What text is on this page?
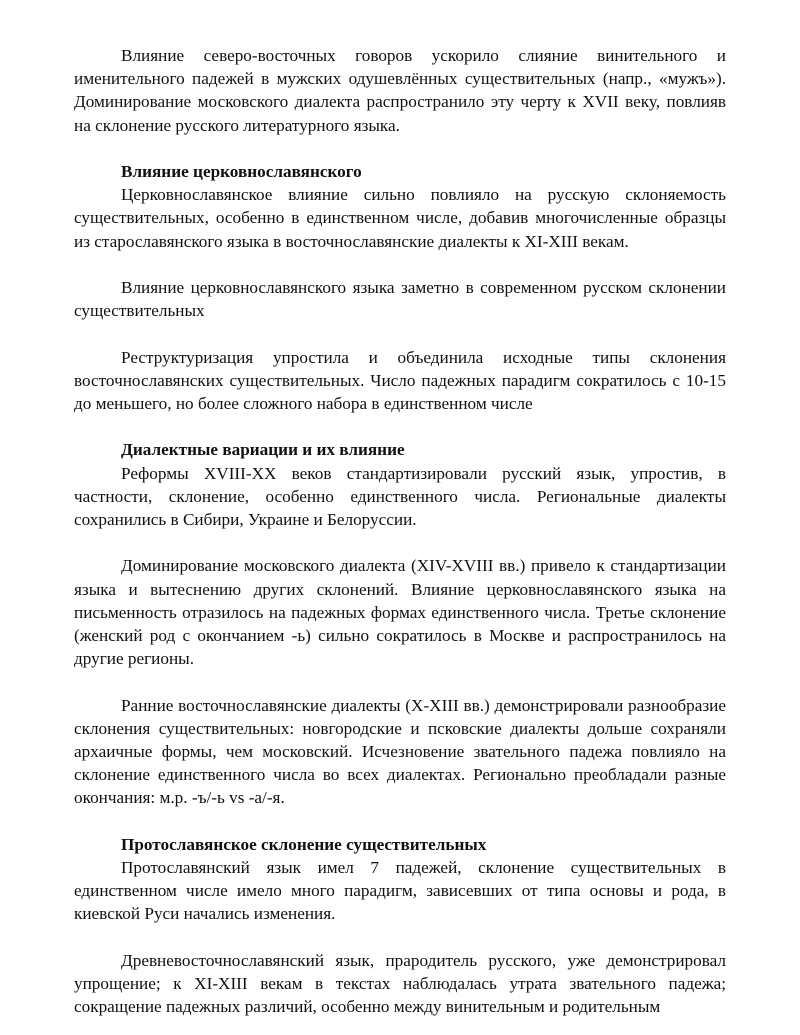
Влияние северо-восточных говоров ускорило слияние винительного и именительного падежей в мужских одушевлённых существительных (напр., «мужъ»). Доминирование московского диалекта распространило эту черту к XVII веку, повлияв на склонение русского литературного языка.

Влияние церковнославянского

Церковнославянское влияние сильно повлияло на русскую склоняемость существительных, особенно в единственном числе, добавив многочисленные образцы из старославянского языка в восточнославянские диалекты к XI-XIII векам.

Влияние церковнославянского языка заметно в современном русском склонении существительных

Реструктуризация упростила и объединила исходные типы склонения восточнославянских существительных. Число падежных парадигм сократилось с 10-15 до меньшего, но более сложного набора в единственном числе

Диалектные вариации и их влияние

Реформы XVIII-XX веков стандартизировали русский язык, упростив, в частности, склонение, особенно единственного числа. Региональные диалекты сохранились в Сибири, Украине и Белоруссии.

Доминирование московского диалекта (XIV-XVIII вв.) привело к стандартизации языка и вытеснению других склонений. Влияние церковнославянского языка на письменность отразилось на падежных формах единственного числа. Третье склонение (женский род с окончанием -ь) сильно сократилось в Москве и распространилось на другие регионы.

Ранние восточнославянские диалекты (X-XIII вв.) демонстрировали разнообразие склонения существительных: новгородские и псковские диалекты дольше сохраняли архаичные формы, чем московский. Исчезновение звательного падежа повлияло на склонение единственного числа во всех диалектах. Регионально преобладали разные окончания: м.р. -ъ/-ь vs -а/-я.

Протославянское склонение существительных

Протославянский язык имел 7 падежей, склонение существительных в единственном числе имело много парадигм, зависевших от типа основы и рода, в киевской Руси начались изменения.

Древневосточнославянский язык, прародитель русского, уже демонстрировал упрощение; к XI-XIII векам в текстах наблюдалась утрата звательного падежа; сокращение падежных различий, особенно между винительным и родительным
